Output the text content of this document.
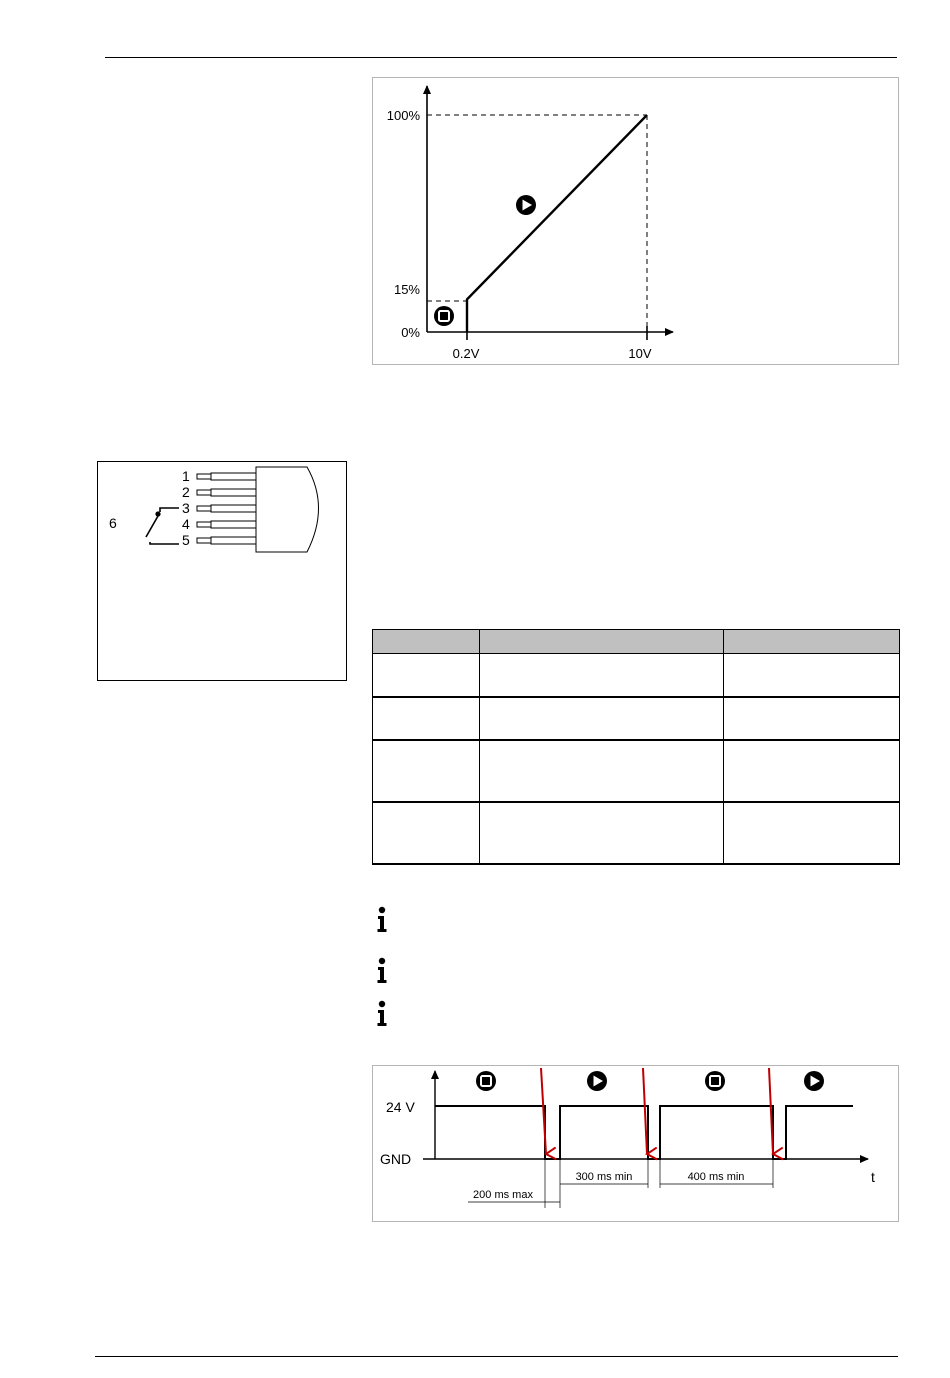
100%
15%
0%
0.2V	10V
1
2
3
4
5
6

24 V
GND
t
300 ms min	400 ms min
200 ms max
